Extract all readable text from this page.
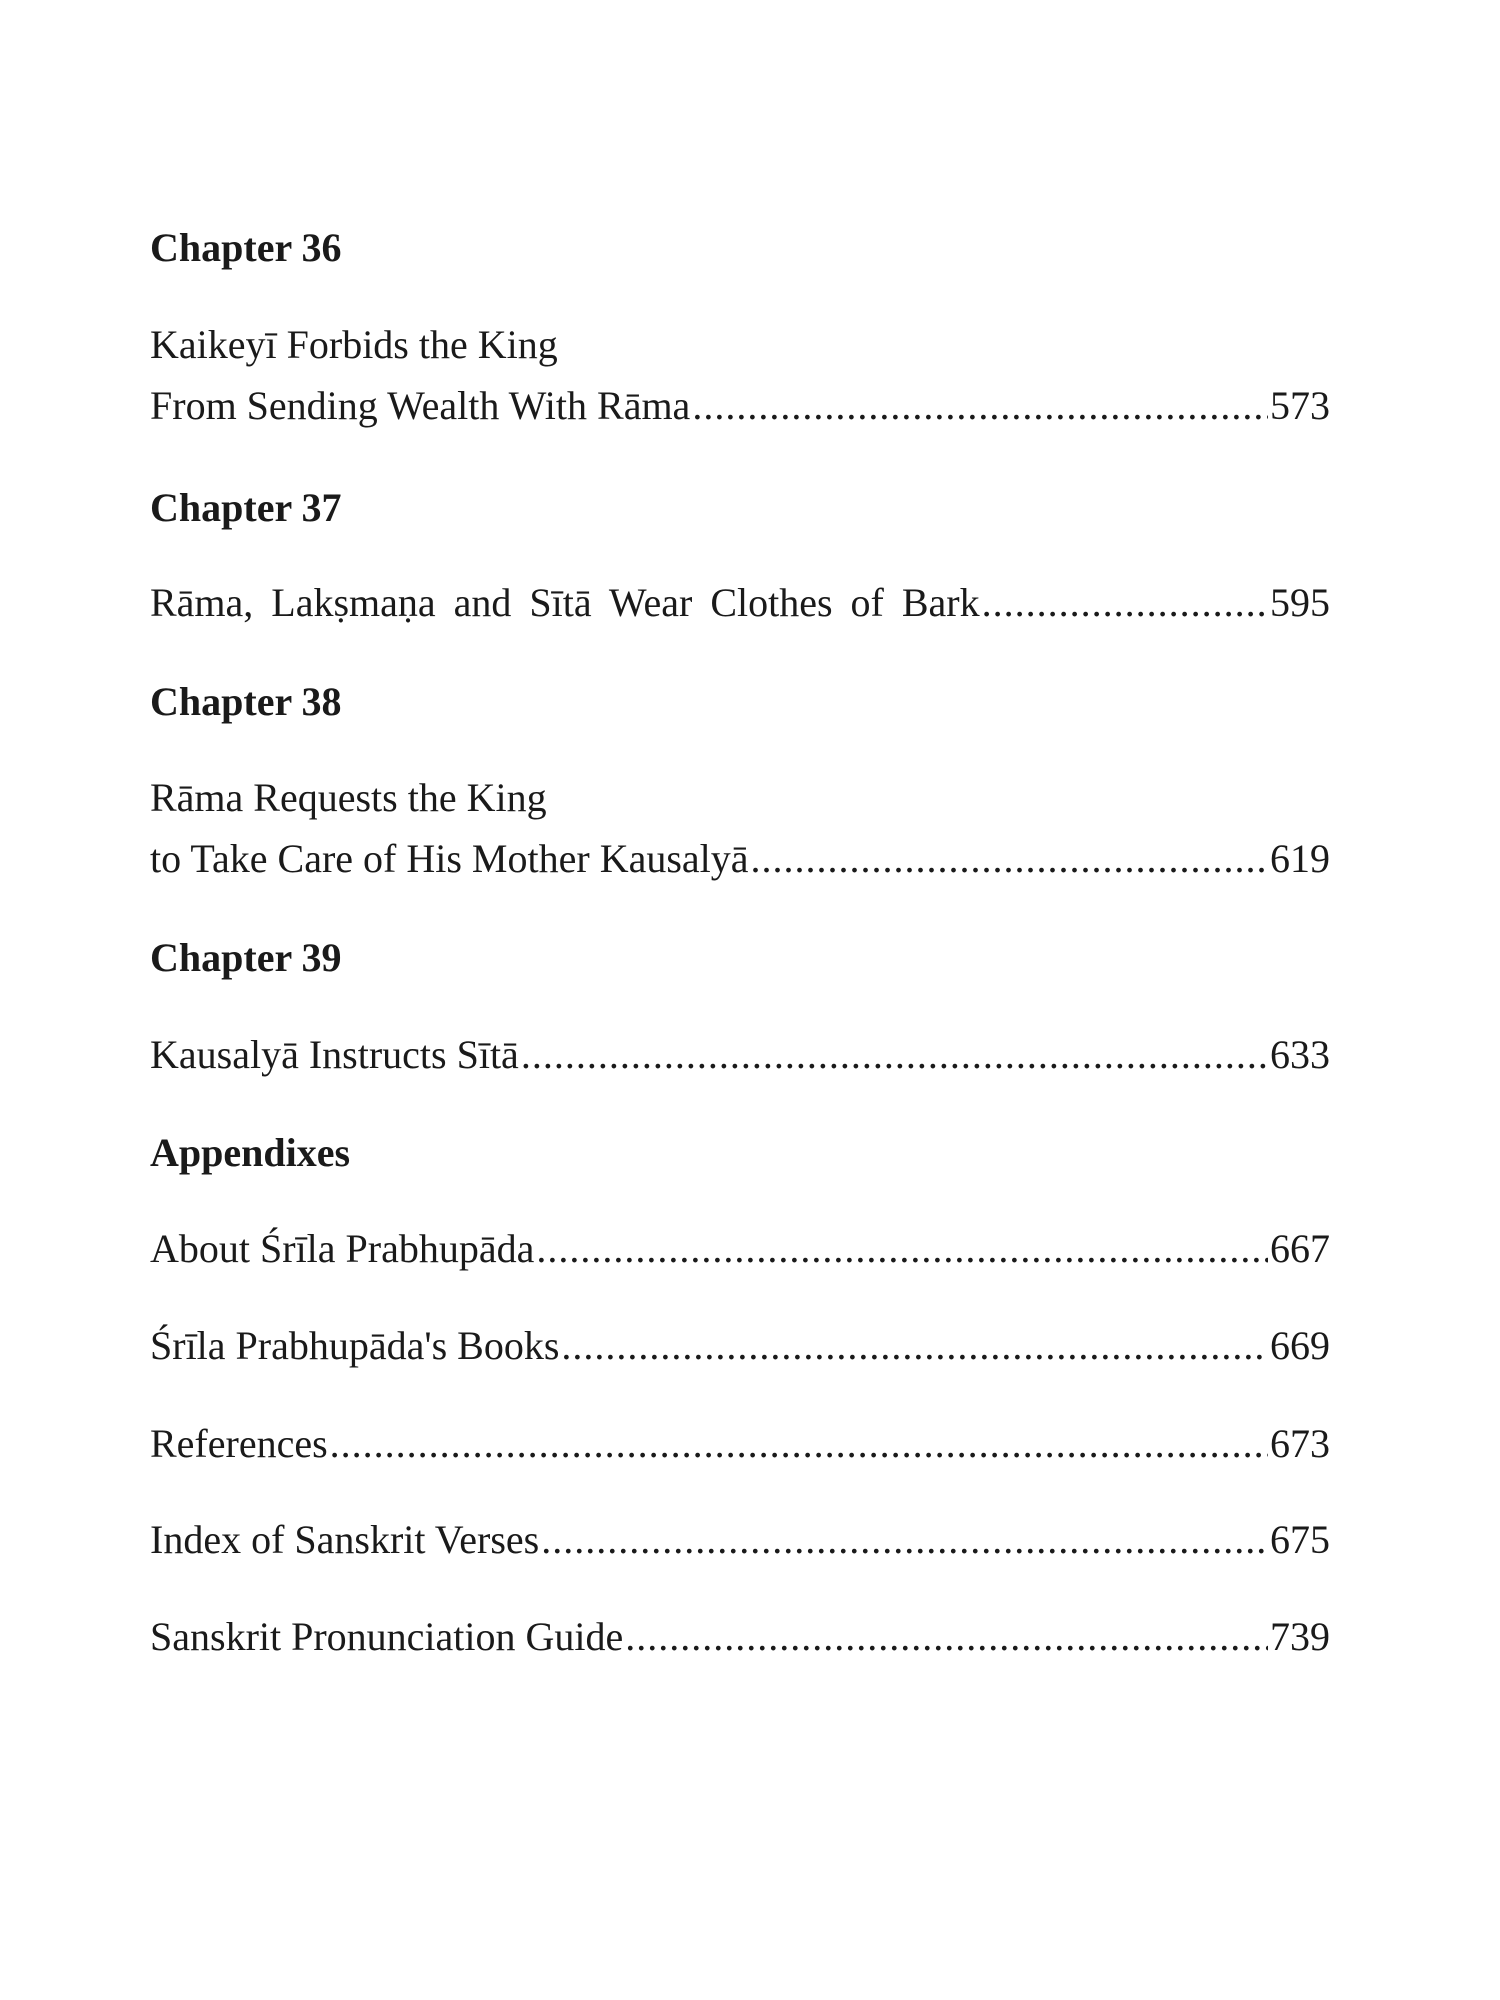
Chapter 36
Kaikeyī Forbids the King
From Sending Wealth With Rāma .....	573
Chapter 37
Rāma, Lakṣmaṇa and Sītā Wear Clothes of Bark .....	595
Chapter 38
Rāma Requests the King
to Take Care of His Mother Kausalyā .....	619
Chapter 39
Kausalyā Instructs Sītā .....	633
Appendixes
About Śrīla Prabhupāda .....	667
Śrīla Prabhupāda's Books .....	669
References .....	673
Index of Sanskrit Verses .....	675
Sanskrit Pronunciation Guide .....	739
